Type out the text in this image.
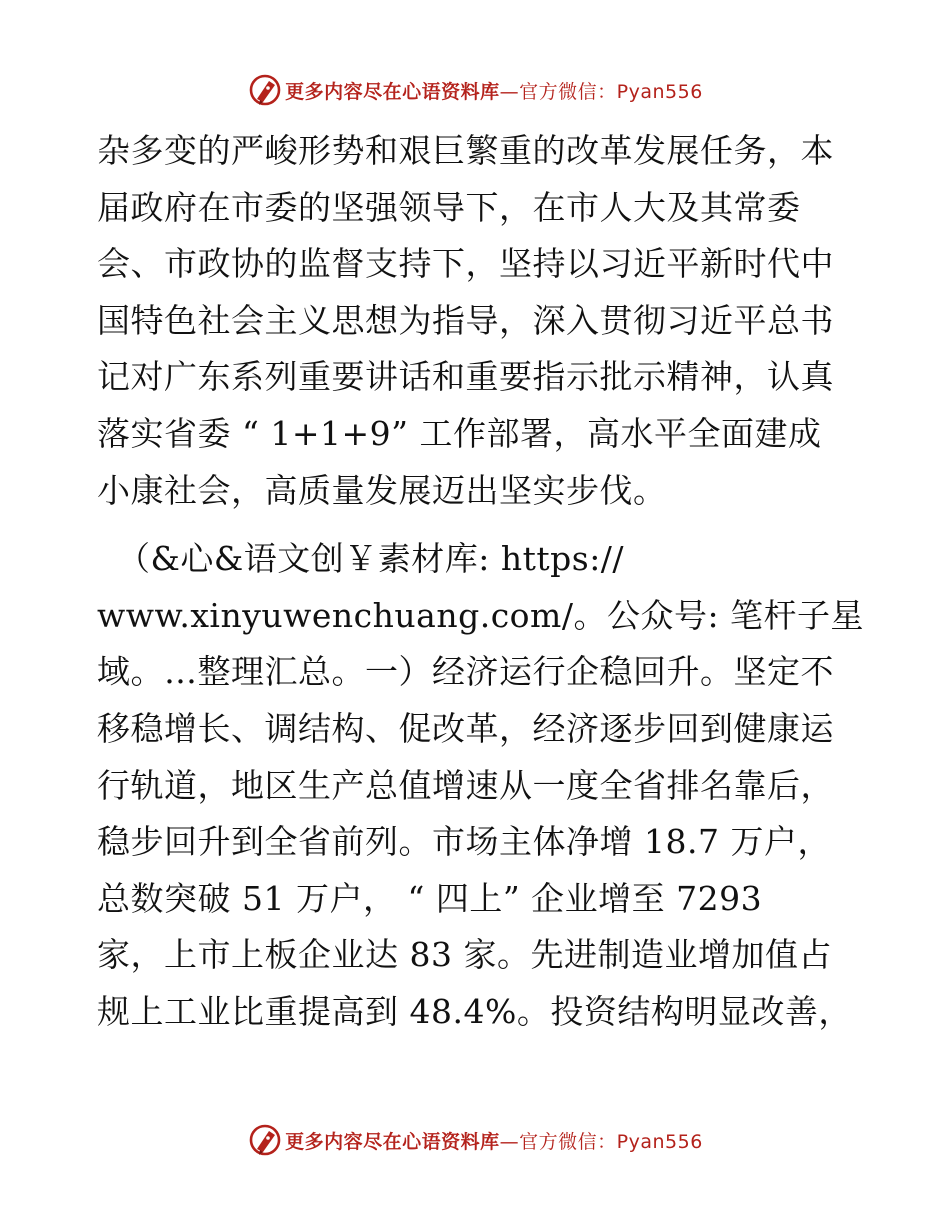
更多内容尽在心语资料库—官方微信：Pyan556
杂多变的严峻形势和艰巨繁重的改革发展任务，本
届政府在市委的坚强领导下，在市人大及其常委
会、市政协的监督支持下，坚持以习近平新时代中
国特色社会主义思想为指导，深入贯彻习近平总书
记对广东系列重要讲话和重要指示批示精神，认真
落实省委 “ 1+1+9” 工作部署，高水平全面建成
小康社会，高质量发展迈出坚实步伐。
（&心&语文创￥素材库: https://
www.xinyuwenchuang.com/。公众号: 笔杆子星
域。…整理汇总。一）经济运行企稳回升。坚定不
移稳增长、调结构、促改革，经济逐步回到健康运
行轨道，地区生产总值增速从一度全省排名靠后，
稳步回升到全省前列。市场主体净增 18.7 万户，
总数突破 51 万户， “ 四上” 企业增至 7293
家，上市上板企业达 83 家。先进制造业增加值占
规上工业比重提高到 48.4%。投资结构明显改善，
更多内容尽在心语资料库—官方微信：Pyan556
